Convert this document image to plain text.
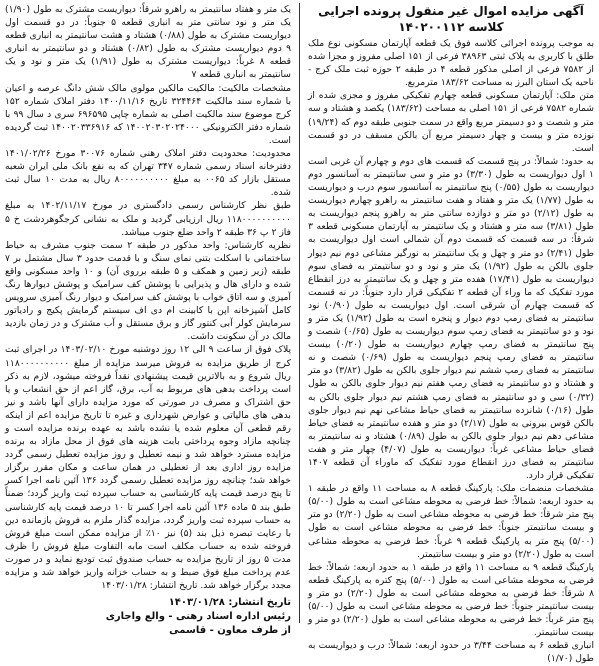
آگهی مزایده اموال غیر منقول پرونده اجرایی کلاسه ۱۴۰۲۰۰۱۱۲

به موجب پرونده اجرائی کلاسه فوق یک قطعه آپارتمان مسکونی نوع ملک طلق با کاربری به پلاک ثبتی ۳۸۹۶۳ فرعی از ۱۵۱ اصلی مفروز و مجزا شده از ۷۵۸۲ فرعی از اصلی مذکور قطعه ۴ در طبقه ۲ حوزه ثبت ملک کرج - ناحیه یک استان البرز به مساحت ۱۸۳/۶۲ مترمربع.

متن ملک: آپارتمان مسکونی قطعه چهارم تفکیکی مفروز و مجزی شده از شماره ۷۵۸۲ فرعی از ۱۵۱ اصلی به مساحت (۱۸۳/۶۲) یکصد و هشتاد و سه متر و شصت و دو دسیمتر مربع واقع در سمت جنوبی طبقه دوم که (۱۹/۲۴) نوزده متر و بیست و چهار دسیمتر مربع آن بالکن مسقف در دو قسمت است.

به حدود: شمالاً: در پنج قسمت که قسمت های دوم و چهارم آن غربی است ۱ اول دیواریست به طول (۳/۳۰) دو متر و سی سانتیمتر به آسانسور دوم دیواریست به طول (۰/۵۵) پنج سانتیمتر به آسانسور سوم درب و دیواریست به طول (۱/۷۷) یک متر و هفتاد و هفت سانتیمتر به راهرو چهارم دیواریست به طول (۲/۱۲) دو متر و دوازده سانتی متر به راهرو پنجم دیواریست به طول (۳/۸۱) سه متر و هشتاد و یک سانتیمتر به آپارتمان مسکونی قطعه ۳ شرقاً: در سه قسمت که قسمت دوم آن شمالی است اول دیواریست به طول (۲/۴۱) دو متر و چهل و یک سانتیمتر به نورگیر مشاعی دوم نیم دیوار جلوی بالکن به طول (۱/۹۲) یک متر و نود و دو سانتیمتر به فضای سوم دیواریست به طول (۱۷/۴۱) هفده متر و چهل و یک سانتیمتر به درز انقطاع مورد تفکیک که ما وراء آن قطعه ۲ تفکیکی قرار دارد جنوباً: در نه قسمت که قسمت چهارم آن شرقی است. اول دیواریست به طول (۰/۹۰) نود سانتیمتر به فضای رمپ دوم دیوار و پنجره است به طول (۱/۹۲) یک متر و نود و دو سانتیمتر به فضای رمپ سوم دیواریست به طول (۰/۶۵) شصت و پنج سانتیمتر به فضای رمپ چهارم دیواریست به طول (۰/۲۰) بیست سانتیمتر به فضای رمپ پنجم دیواریست به طول (۰/۶۹) شصت و نه سانتیمتر به فضای رمپ ششم نیم دیوار جلوی بالکن به طول (۳/۸۲) دو متر و هشتاد و دو سانتیمتر به فضای رمپ هفتم نیم دیوار جلوی بالکن به طول (۰/۳۲) سی و دو سانتیمتر به فضای رمپ هشتم نیم دیوار جلوی بالکن به طول (۰/۱۶) شانزده سانتیمتر به فضای حیاط مشاعی نهم نیم دیوار جلوی بالکن قوس بیرونی به طول (۲/۱۷) دو متر و هفده سانتیمتر به فضای حیاط مشاعی دهم نیم دیوار جلوی بالکن به طول (۰/۸۹) هشتاد و نه سانتیمتر به فضای حیاط مشاعی غرباً: دیواریست به طول (۴/۰۷) چهار متر و هفت سانتیمتر به فضای درز انقطاع مورد تفکیک که ماوراء آن قطعه ۱۴۰۷ تفکیکی قرار دارد.

مشخصات منضمات ملک: پارکینگ قطعه ۸ به مساحت ۱۱ واقع در طبقه ۱ به حدود اربعه: شمالاً: خط فرضی به محوطه مشاعی است به طول (۵/۰۰) پنج متر شرقاً: خط فرضی به محوطه مشاعی است به طول (۲/۲۰) دو متر و بیست سانتیمتر جنوباً: خط فرضی به محوطه مشاعی است به طول (۵/۰۰) پنج متر به پارکینگ قطعه ۹ غرباً: خط فرضی به محوطه مشاعی است به طول (۲/۲۰) دو متر و بیست سانتیمتر.

پارکینگ قطعه ۹ به مساحت ۱۱ واقع در طبقه ۱ به حدود اربعه: شمالاً: خط فرضی به محوطه مشاعی است به طول (۵/۰۰) پنج کتره به پارکینگ قطعه ۸ شرقاً: خط فرضی به محوطه مشاعی است به طول (۲/۲۰) دو متر و بیست سانتیمتر جنوباً: خط فرضی به محوطه مشاعی است به طول (۵/۰۰) پنج متر غرباً: خط فرضی به محوطه مشاعی است به طول (۲/۲۰) دو متر و بیست سانتیمتر.

انباری قطعه ۶ به مساحت ۳/۴۴ در حدود اربعه: شمالاً: درب و دیواریست به طول (۱/۷۰)

یک متر و هفتاد سانتیمتر به راهرو شرقاً: دیواریست مشترک به طول (۱/۹۰) یک متر و نود سانتی متر به انباری قطعه ۵ جنوباً: در دو قسمت اول دیواریست مشترک به طول (۰/۸۸) هشتاد و هشت سانتیمتر به انباری قطعه ۹ دوم دیواریست مشترک به طول (۰/۸۲) هشتاد و دو سانتیمتر به انباری قطعه ۸ غرباً: دیواریست مشترک به طول (۱/۹۱) یک متر و نود و یک سانتیمتر به انباری قطعه ۷

مشخصات مالکیت: مالکیت مالکین مولوی مالک شش دانگ عرصه و اعیان با شماره سند مالکیت ۳۲۴۴۶۴ تاریخ ۱۴۰۰/۱۱/۱۶ دفتر املاک شماره ۱۵۲ کرج موضوع سند مالکیت اصلی به شماره چاپی ۶۹۶۵۹۵ سری د سال ۹۹ با شماره دفتر الکترونیکی ۱۴۰۰۲۰۳۰۲۰۲۴۰۰۰ که ۱۴۰۰۲۰۳۳۶۹۱۶ ثبت گردیده است.

محدودیت: محدودیت دفتر املاک رهنی شماره ۳۰۰۷۶ مورخ ۱۴۰۱/۰۲/۲۶ دفترخانه اسناد رسمی شماره ۳۴۷ تهران که به نفع بانک ملی ایران شعبه مستقل بازار کد ۰۰۶۵ به مبلغ ۸۰۰۰۰۰۰۰۰۰۰ ریال به مدت ۱۰ سال ثبت شده.

طبق نظر کارشناس رسمی دادگستری در مورخ ۱۴۰۲/۱۱/۱۷ به مبلغ ۱۱۸۰۰۰۰۰۰۰۰۰۰ ریال ارزیابی گردید و ملک به نشانی کرجگوهردشت خ ۵ فاز ۲ پ ۳۶ طبقه ۲ واحد ضلع جنوب میباشد.

نظریه کارشناس: واحد مذکور در طبقه ۲ سمت جنوب مشرف به حیاط ساختمانی با اسکلت بتنی نمای سنگ و با قدمت حدود ۳ سال مشتمل بر ۷ طبقه (زیر زمین و همکف و ۵ طبقه برروی آن) و ۱۰ واحد مسکونی واقع شده و دارای هال و پذیرایی با پوشش کف سرامیک و پوشش دیوارها رنگ آمیزی و سه اتاق خواب با پوشش کف سرامیک و دیوار رنگ آمیزی سرویس کامل آشپزخانه اپن با کابینت ام دی اف سیستم گرمایش پکیج و رادیاتور سرمایش کولر آبی کنتور گاز و برق مستقل و آب مشترک و در زمان بازدید مالک در آن سکونت داشت.

پلاک فوق از ساعت ۹ الی ۱۲ روز دوشنبه مورخ ۱۴۰۳/۰۲/۱۰ در اجرای ثبت کرج از طریق مزایده به فروش میرسد مزایده از مبلغ ۱۱۸۰۰۰۰۰۰۰۰۰۰ ریال شروع و به بالاترین قیمت پیشنهادی نقداً فروخته میشود، لازم به ذکر است پرداخت بدهی های مربوط به آب، برق، گاز اعم از حق انشعاب و یا حق اشتراک و مصرف در صورتی که مورد مزایده دارای آنها باشد و نیز بدهی های مالیاتی و عوارض شهرداری و غیره تا تاریخ مزایده اعم از اینکه رقم قطعی آن معلوم شده یا نشده باشد به عهده برنده مزایده است و چنانچه مازاد وجوه پرداختی بابت هزینه های فوق از محل مازاد به برنده مزایده مسترد خواهد شد و نیمه تعطیل و روز مزایده تعطیل رسمی گردد مزایده روز اداری بعد از تعطیلی در همان ساعت و مکان مقرر برگزار خواهد شد؛ چنانچه روز مزایده تعطیل رسمی گردد ۱۳۶ آئین نامه اجرا کسر تا پنج درصد قیمت پایه کارشناسی به حساب سپرده ثبت واریز گردد؛ ضمناً طبق بند ۵ ماده ۱۳۶ آئین نامه اجرا کسر تا ۱۰ درصد قیمت پایه کارشناسی به حساب سپرده ثبت واریز گردد، مزایده گذار ملزم به فروش بازمانده دین با رعایت تبصره ذیل بند (۵) نیز ۱۰٪ از مزایده ممکن است مبلغ فروش فروخته شده به حساب مکلف است مابه التفاوت مبلغ فروش را ظرف مدت ۵ روز از تاریخ مزایده به حساب صندوق ثبت تودیع نماید و در صورت عدم پرداخت مبلغ فوق ضبط و به حساب خزانه واریز خواهد شد و مزایده مجدد برگزار خواهد شد. تاریخ انتشار: ۱۴۰۳/۰۱/۲۸

تاریخ انتشار: ۱۴۰۳/۰۱/۲۸
رئیس اداره اسناد رهنی - والع واجاری
از طرف معاون - قاسمی
